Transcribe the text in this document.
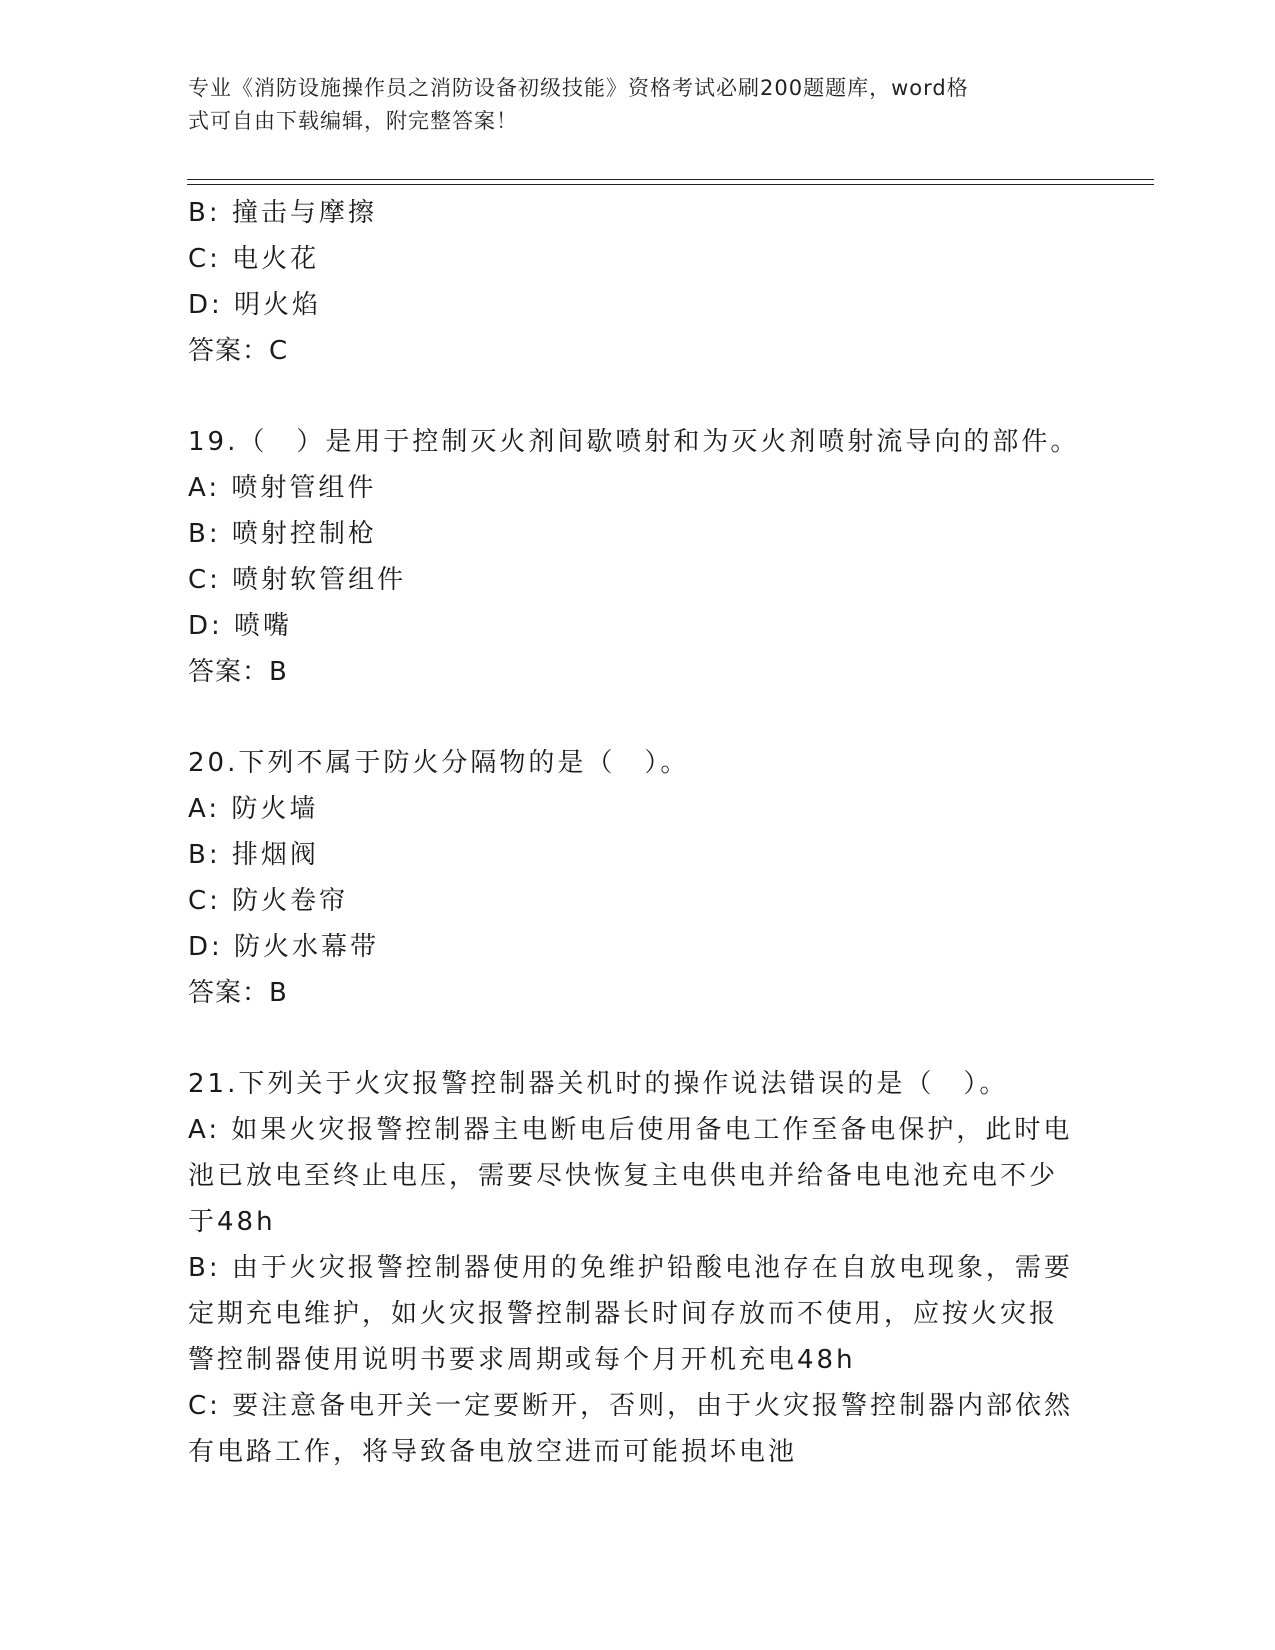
专业《消防设施操作员之消防设备初级技能》资格考试必刷200题题库，word格
式可自由下载编辑，附完整答案！

B: 撞击与摩擦

C: 电火花

D: 明火焰

答案：C

19.（　）是用于控制灭火剂间歇喷射和为灭火剂喷射流导向的部件。

A: 喷射管组件

B: 喷射控制枪

C: 喷射软管组件

D: 喷嘴

答案：B

20.下列不属于防火分隔物的是（　）。

A: 防火墙

B: 排烟阀

C: 防火卷帘

D: 防火水幕带

答案：B

21.下列关于火灾报警控制器关机时的操作说法错误的是（　）。

A: 如果火灾报警控制器主电断电后使用备电工作至备电保护，此时电

池已放电至终止电压，需要尽快恢复主电供电并给备电电池充电不少

于48h

B: 由于火灾报警控制器使用的免维护铅酸电池存在自放电现象，需要

定期充电维护，如火灾报警控制器长时间存放而不使用，应按火灾报

警控制器使用说明书要求周期或每个月开机充电48h

C: 要注意备电开关一定要断开，否则，由于火灾报警控制器内部依然

有电路工作，将导致备电放空进而可能损坏电池
